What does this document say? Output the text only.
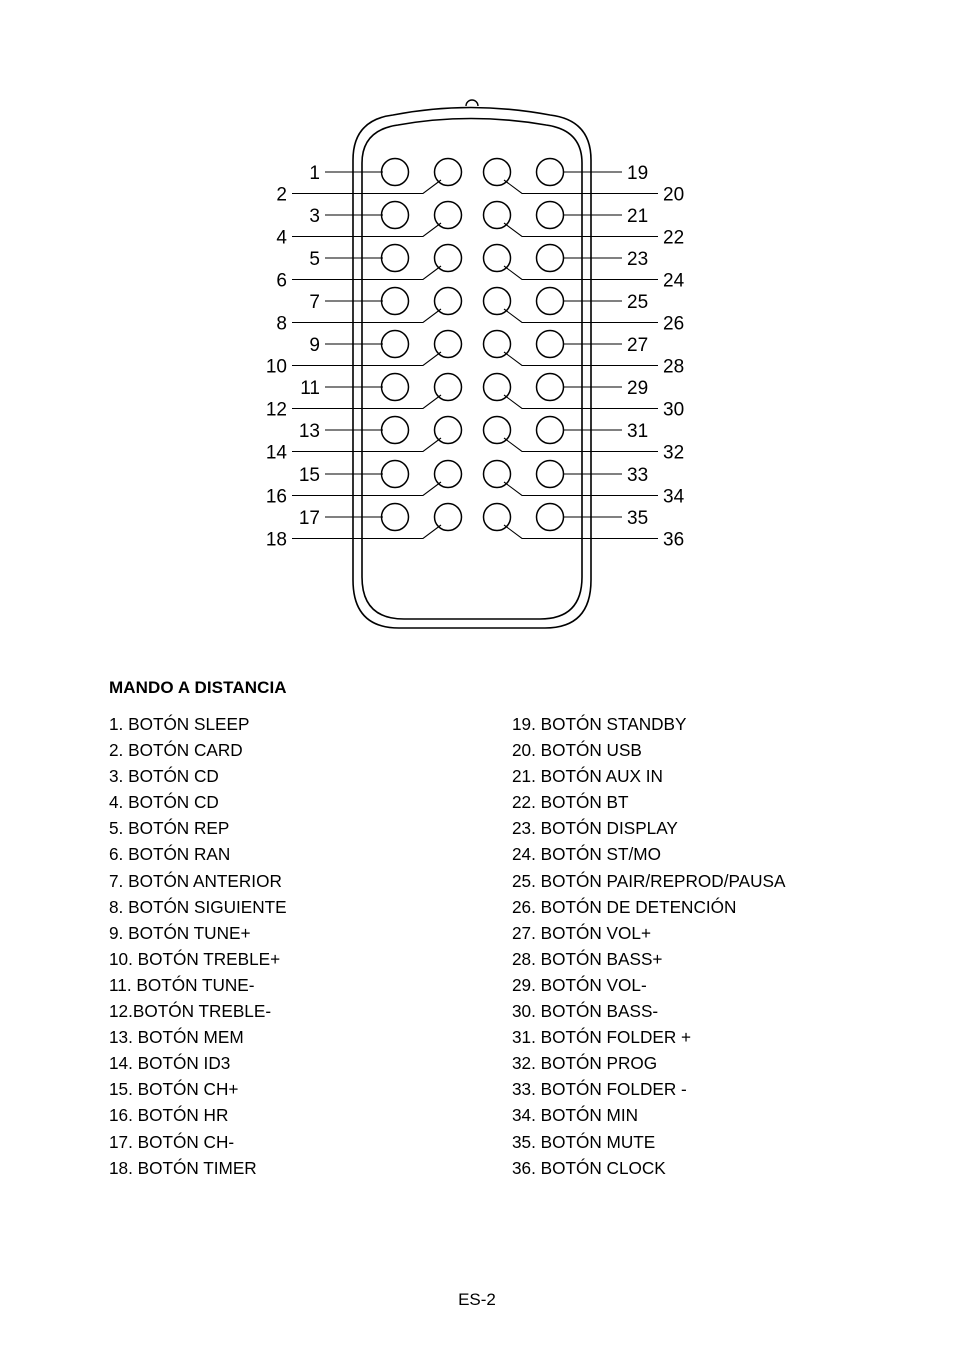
1
2
19
20
3
4
21
22
5
6
23
24
7
8
25
26
9
10
27
28
11
12
29
30
13
14
31
32
15
16
33
34
17
18
35
36
MANDO A DISTANCIA
1. BOTÓN SLEEP
2. BOTÓN CARD
3. BOTÓN CD
4. BOTÓN CD
5. BOTÓN REP
6. BOTÓN RAN
7. BOTÓN ANTERIOR
8. BOTÓN SIGUIENTE
9. BOTÓN TUNE+
10. BOTÓN TREBLE+
11. BOTÓN TUNE-
12.BOTÓN TREBLE-
13. BOTÓN MEM
14. BOTÓN ID3
15. BOTÓN CH+
16. BOTÓN HR
17. BOTÓN CH-
18. BOTÓN TIMER
19. BOTÓN STANDBY
20. BOTÓN USB
21. BOTÓN AUX IN
22. BOTÓN BT
23. BOTÓN DISPLAY
24. BOTÓN ST/MO
25. BOTÓN PAIR/REPROD/PAUSA
26. BOTÓN DE DETENCIÓN
27. BOTÓN VOL+
28. BOTÓN BASS+
29. BOTÓN VOL-
30. BOTÓN BASS-
31. BOTÓN FOLDER +
32. BOTÓN PROG
33. BOTÓN FOLDER -
34. BOTÓN MIN
35. BOTÓN MUTE
36. BOTÓN CLOCK
ES-2
